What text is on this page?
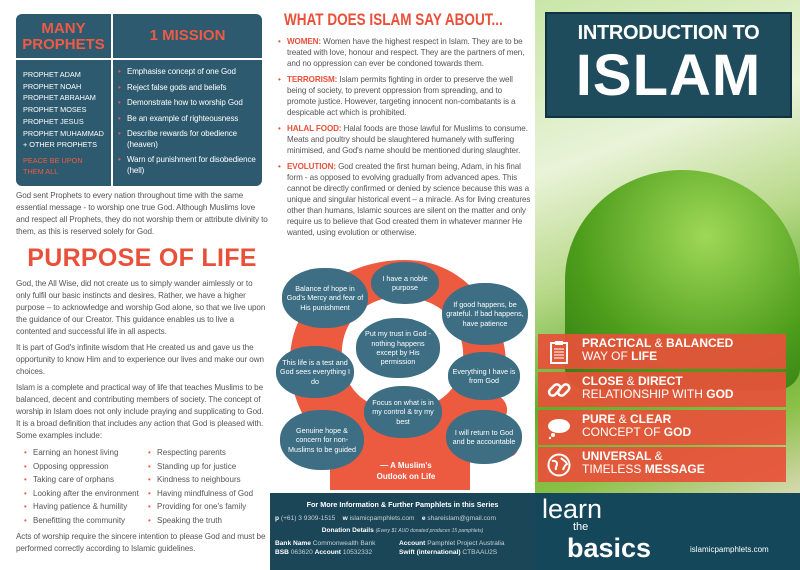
MANY PROPHETS
1 MISSION
PROPHET ADAM
PROPHET NOAH
PROPHET ABRAHAM
PROPHET MOSES
PROPHET JESUS
PROPHET MUHAMMAD
+ OTHER PROPHETS
PEACE BE UPON THEM ALL
• Emphasise concept of one God
• Reject false gods and beliefs
• Demonstrate how to worship God
• Be an example of righteousness
• Describe rewards for obedience (heaven)
• Warn of punishment for disobedience (hell)

God sent Prophets to every nation throughout time with the same essential message - to worship one true God. Although Muslims love and respect all Prophets, they do not worship them or attribute divinity to them, as this is reserved solely for God.

PURPOSE OF LIFE

God, the All Wise, did not create us to simply wander aimlessly or to only fulfil our basic instincts and desires. Rather, we have a higher purpose – to acknowledge and worship God alone, so that we live upon the guidance of our Creator. This guidance enables us to live a contented and successful life in all aspects.

It is part of God's infinite wisdom that He created us and gave us the opportunity to know Him and to experience our lives and make our own choices.

Islam is a complete and practical way of life that teaches Muslims to be balanced, decent and contributing members of society. The concept of worship in Islam does not only include praying and supplicating to God. It is a broad definition that includes any action that God is pleased with. Some examples include:

• Earning an honest living
• Opposing oppression
• Taking care of orphans
• Looking after the environment
• Having patience & humility
• Benefitting the community
• Respecting parents
• Standing up for justice
• Kindness to neighbours
• Having mindfulness of God
• Providing for one's family
• Speaking the truth

Acts of worship require the sincere intention to please God and must be performed correctly according to Islamic guidelines.

WHAT DOES ISLAM SAY ABOUT...
• WOMEN: Women have the highest respect in Islam. They are to be treated with love, honour and respect. They are the partners of men, and no oppression can ever be condoned towards them.
• TERRORISM: Islam permits fighting in order to preserve the well being of society, to prevent oppression from spreading, and to promote justice. However, targeting innocent non-combatants is a despicable act which is prohibited.
• HALAL FOOD: Halal foods are those lawful for Muslims to consume. Meats and poultry should be slaughtered humanely with suffering minimised, and God's name should be mentioned during slaughter.
• EVOLUTION: God created the first human being, Adam, in his final form - as opposed to evolving gradually from advanced apes. This cannot be directly confirmed or denied by science because this was a unique and singular historical event – a miracle. As for living creatures other than humans, Islamic sources are silent on the matter and only require us to believe that God created them in whatever manner He wanted, using evolution or otherwise.
Balance of hope in God's Mercy and fear of His punishment
I have a noble purpose
If good happens, be grateful. If bad happens, have patience
Put my trust in God - nothing happens except by His permission
This life is a test and God sees everything I do
Everything I have is from God
Focus on what is in my control & try my best
Genuine hope & concern for non-Muslims to be guided
I will return to God and be accountable
— A Muslim's Outlook on Life
For More Information & Further Pamphlets in this Series
p (+61) 3 9309-1515 w islamicpamphlets.com e shareislam@gmail.com
Donation Details (Every $1 AUD donated produces 15 pamphlets)
Bank Name Commonwealth Bank
BSB 063620 Account 10532332
Account Pamphlet Project Australia
Swift (international) CTBAAU2S
INTRODUCTION TO
ISLAM
PRACTICAL & BALANCED
WAY OF LIFE
CLOSE & DIRECT
RELATIONSHIP WITH GOD
PURE & CLEAR
CONCEPT OF GOD
UNIVERSAL &
TIMELESS MESSAGE
learn
the
basics	islamicpamphlets.com
